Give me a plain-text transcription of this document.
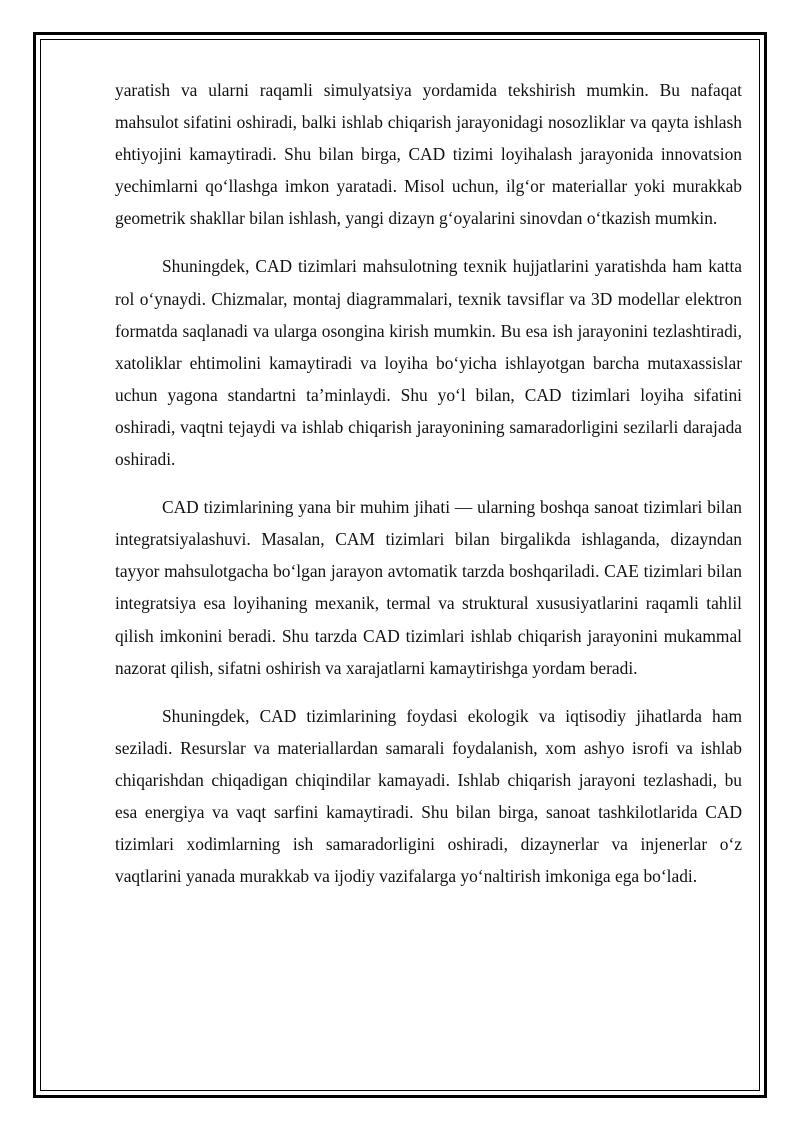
yaratish va ularni raqamli simulyatsiya yordamida tekshirish mumkin. Bu nafaqat mahsulot sifatini oshiradi, balki ishlab chiqarish jarayonidagi nosozliklar va qayta ishlash ehtiyojini kamaytiradi. Shu bilan birga, CAD tizimi loyihalash jarayonida innovatsion yechimlarni qo‘llashga imkon yaratadi. Misol uchun, ilg‘or materiallar yoki murakkab geometrik shakllar bilan ishlash, yangi dizayn g‘oyalarini sinovdan o‘tkazish mumkin.

Shuningdek, CAD tizimlari mahsulotning texnik hujjatlarini yaratishda ham katta rol o‘ynaydi. Chizmalar, montaj diagrammalari, texnik tavsiflar va 3D modellar elektron formatda saqlanadi va ularga osongina kirish mumkin. Bu esa ish jarayonini tezlashtiradi, xatoliklar ehtimolini kamaytiradi va loyiha bo‘yicha ishlayotgan barcha mutaxassislar uchun yagona standartni ta’minlaydi. Shu yo‘l bilan, CAD tizimlari loyiha sifatini oshiradi, vaqtni tejaydi va ishlab chiqarish jarayonining samaradorligini sezilarli darajada oshiradi.

CAD tizimlarining yana bir muhim jihati — ularning boshqa sanoat tizimlari bilan integratsiyalashuvi. Masalan, CAM tizimlari bilan birgalikda ishlaganda, dizayndan tayyor mahsulotgacha bo‘lgan jarayon avtomatik tarzda boshqariladi. CAE tizimlari bilan integratsiya esa loyihaning mexanik, termal va struktural xususiyatlarini raqamli tahlil qilish imkonini beradi. Shu tarzda CAD tizimlari ishlab chiqarish jarayonini mukammal nazorat qilish, sifatni oshirish va xarajatlarni kamaytirishga yordam beradi.

Shuningdek, CAD tizimlarining foydasi ekologik va iqtisodiy jihatlarda ham seziladi. Resurslar va materiallardan samarali foydalanish, xom ashyo isrofi va ishlab chiqarishdan chiqadigan chiqindilar kamayadi. Ishlab chiqarish jarayoni tezlashadi, bu esa energiya va vaqt sarfini kamaytiradi. Shu bilan birga, sanoat tashkilotlarida CAD tizimlari xodimlarning ish samaradorligini oshiradi, dizaynerlar va injenerlar o‘z vaqtlarini yanada murakkab va ijodiy vazifalarga yo‘naltirish imkoniga ega bo‘ladi.
